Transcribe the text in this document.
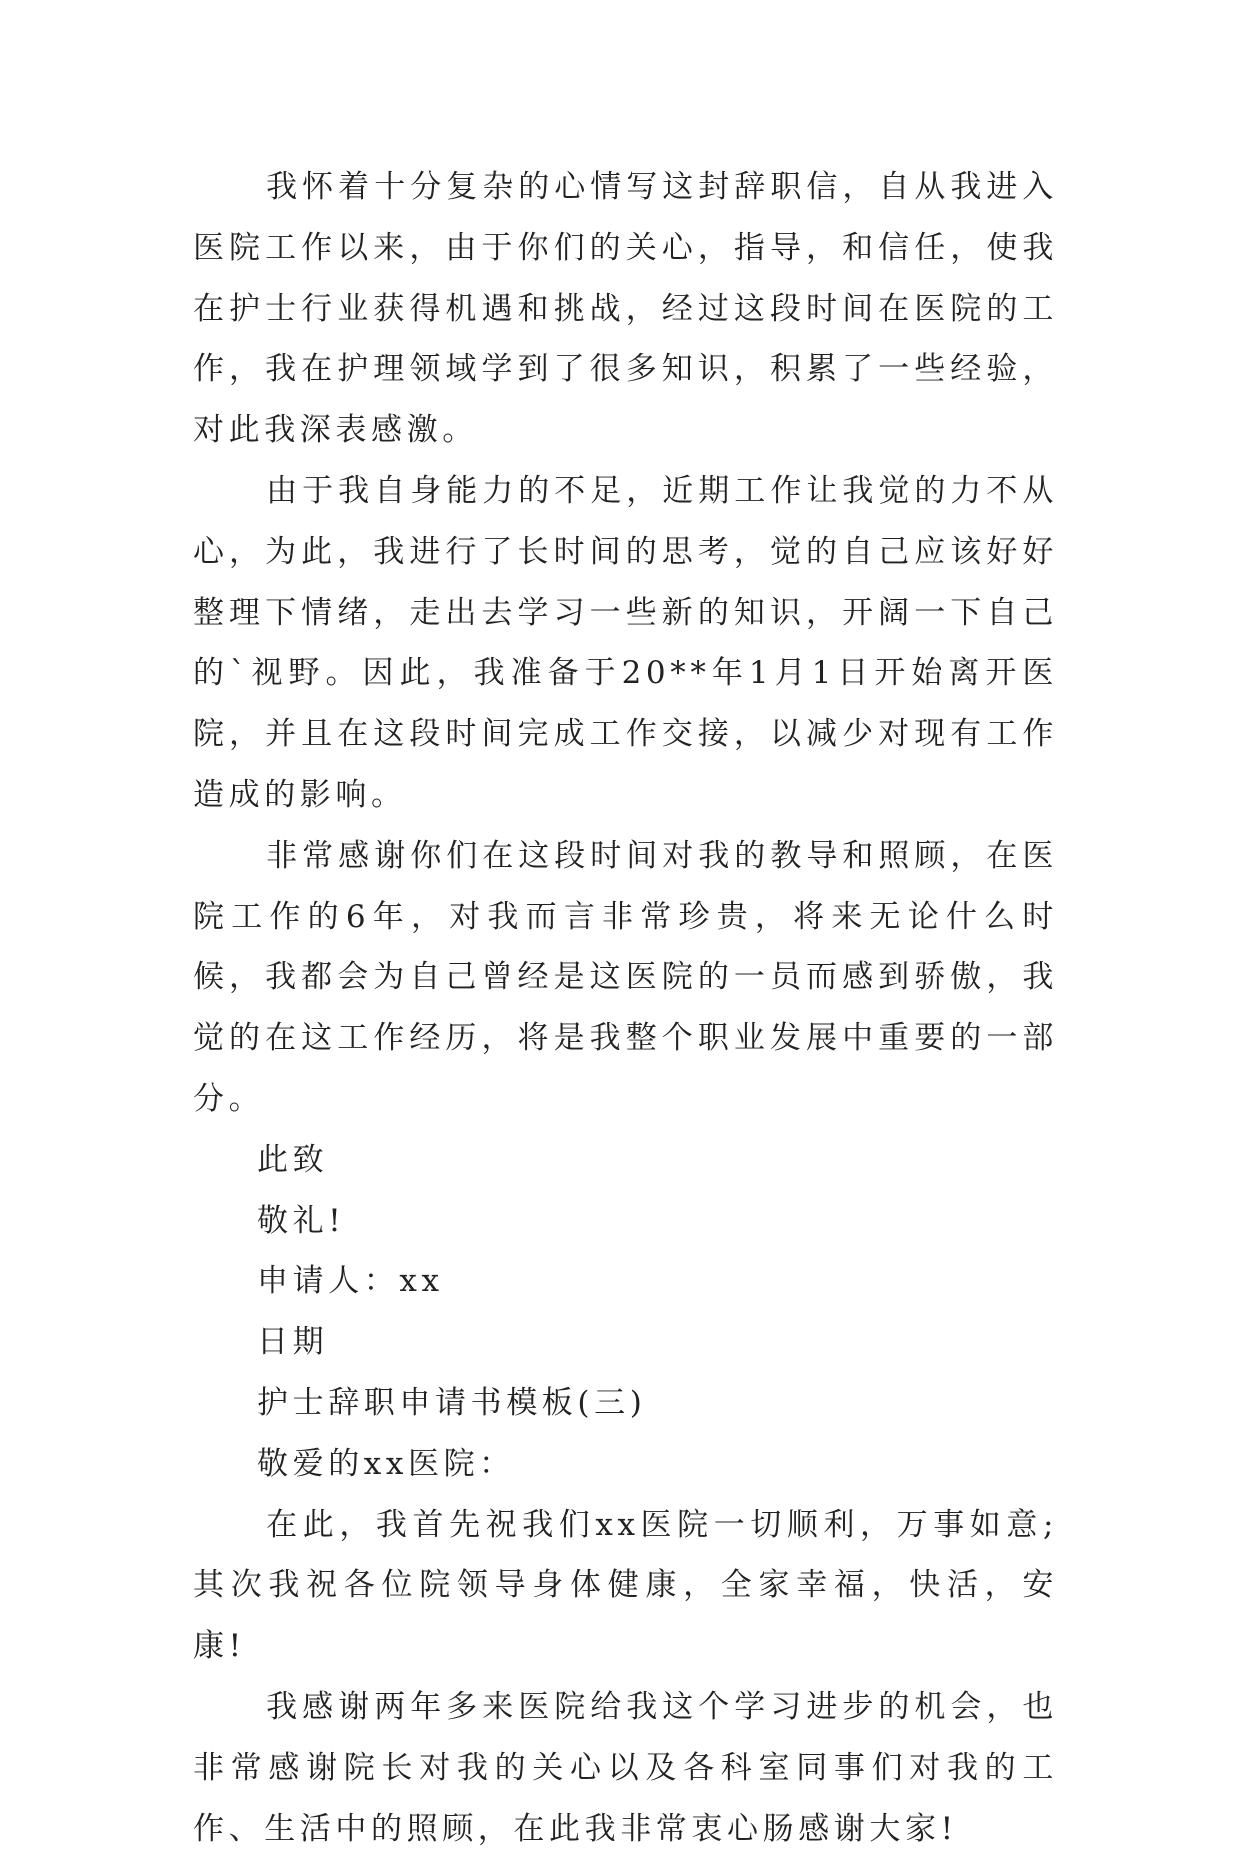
我怀着十分复杂的心情写这封辞职信，自从我进入医院工作以来，由于你们的关心，指导，和信任，使我在护士行业获得机遇和挑战，经过这段时间在医院的工作，我在护理领域学到了很多知识，积累了一些经验，对此我深表感激。

由于我自身能力的不足，近期工作让我觉的力不从心，为此，我进行了长时间的思考，觉的自己应该好好整理下情绪，走出去学习一些新的知识，开阔一下自己的`视野。因此，我准备于20**年1月1日开始离开医院，并且在这段时间完成工作交接，以减少对现有工作造成的影响。

非常感谢你们在这段时间对我的教导和照顾，在医院工作的6年，对我而言非常珍贵，将来无论什么时候，我都会为自己曾经是这医院的一员而感到骄傲，我觉的在这工作经历，将是我整个职业发展中重要的一部分。

此致

敬礼!

申请人：xx

日期

护士辞职申请书模板(三)

敬爱的xx医院：

在此，我首先祝我们xx医院一切顺利，万事如意;其次我祝各位院领导身体健康，全家幸福，快活，安康!

我感谢两年多来医院给我这个学习进步的机会，也非常感谢院长对我的关心以及各科室同事们对我的工作、生活中的照顾，在此我非常衷心肠感谢大家!
